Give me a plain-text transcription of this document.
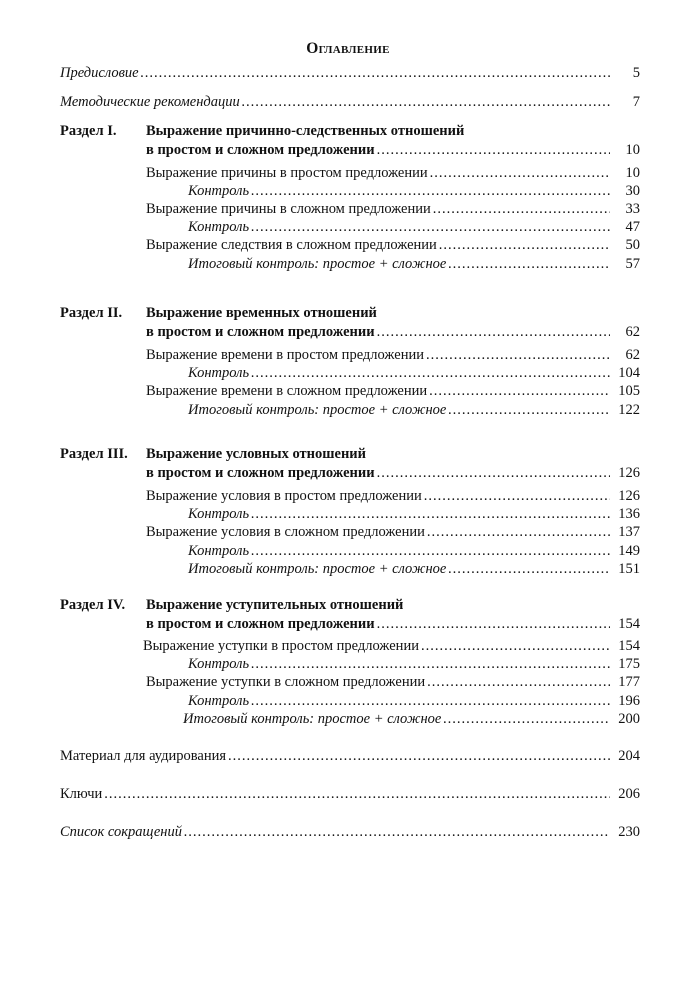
Оглавление
Предисловие .....	5
Методические рекомендации .....	7
Раздел I. Выражение причинно-следственных отношений
в простом и сложном предложении .....	10
Выражение причины в простом предложении .....	10
Контроль .....	30
Выражение причины в сложном предложении .....	33
Контроль .....	47
Выражение следствия в сложном предложении .....	50
Итоговый контроль: простое + сложное .....	57
Раздел II. Выражение временных отношений
в простом и сложном предложении .....	62
Выражение времени в простом предложении .....	62
Контроль .....	104
Выражение времени в сложном предложении .....	105
Итоговый контроль: простое + сложное .....	122
Раздел III. Выражение условных отношений
в простом и сложном предложении .....	126
Выражение условия в простом предложении .....	126
Контроль .....	136
Выражение условия в сложном предложении .....	137
Контроль .....	149
Итоговый контроль: простое + сложное .....	151
Раздел IV. Выражение уступительных отношений
в простом и сложном предложении .....	154
Выражение уступки в простом предложении .....	154
Контроль .....	175
Выражение уступки в сложном предложении .....	177
Контроль .....	196
Итоговый контроль: простое + сложное .....	200
Материал для аудирования .....	204
Ключи .....	206
Список сокращений .....	230
